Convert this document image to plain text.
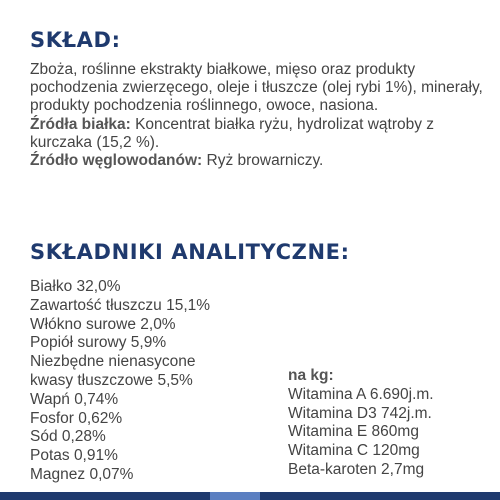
SKŁAD:

Zboża, roślinne ekstrakty białkowe, mięso oraz produkty pochodzenia zwierzęcego, oleje i tłuszcze (olej rybi 1%), minerały, produkty pochodzenia roślinnego, owoce, nasiona.

Źródła białka: Koncentrat białka ryżu, hydrolizat wątroby z kurczaka (15,2 %).

Źródło węglowodanów: Ryż browarniczy.

SKŁADNIKI ANALITYCZNE:
Białko 32,0%
Zawartość tłuszczu 15,1%
Włókno surowe 2,0%
Popiół surowy 5,9%
Niezbędne nienasycone
kwasy tłuszczowe 5,5%
Wapń 0,74%
Fosfor 0,62%
Sód 0,28%
Potas 0,91%
Magnez 0,07%
na kg:
Witamina A 6.690j.m.
Witamina D3 742j.m.
Witamina E 860mg
Witamina C 120mg
Beta-karoten 2,7mg
